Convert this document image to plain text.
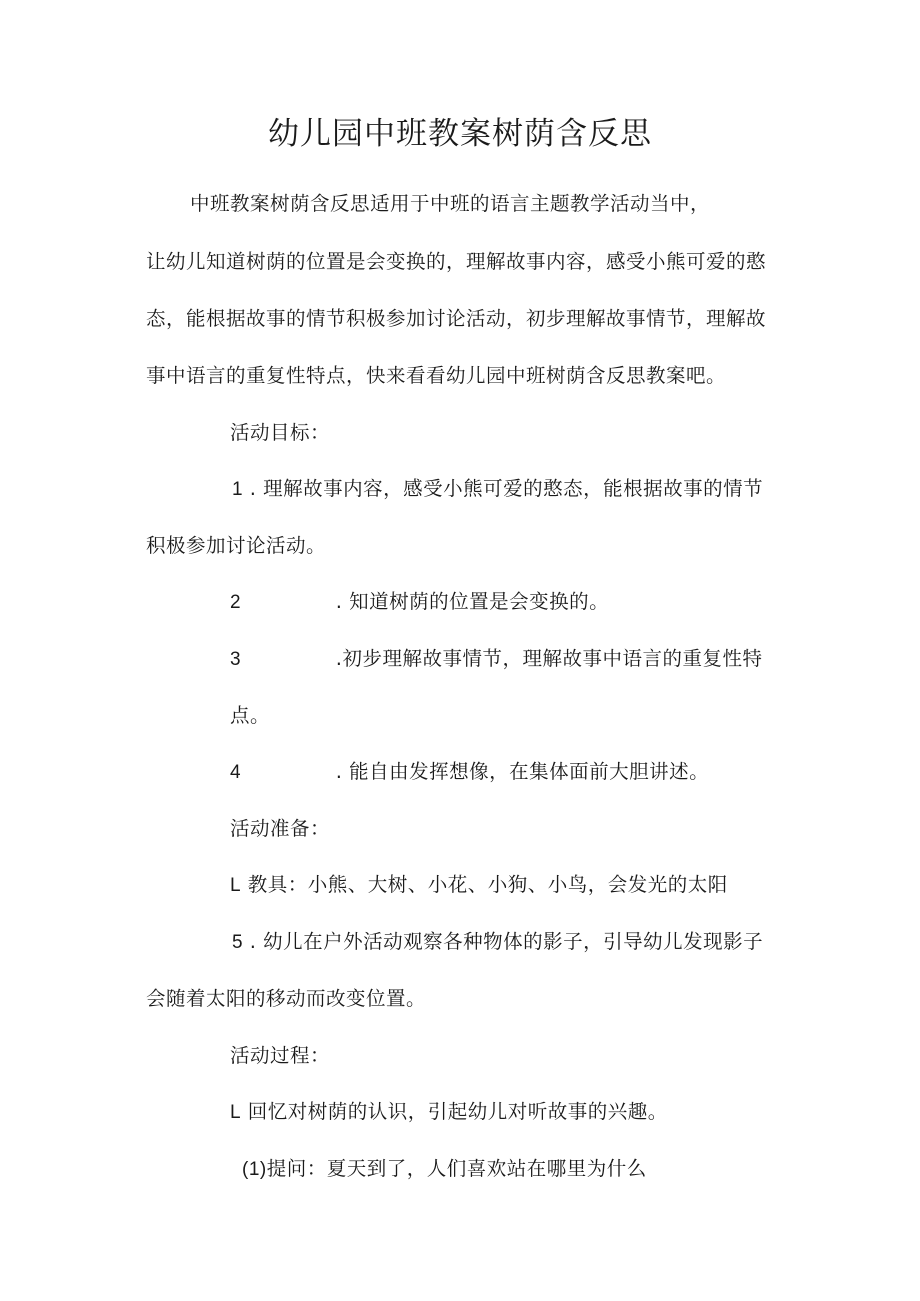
幼儿园中班教案树荫含反思
中班教案树荫含反思适用于中班的语言主题教学活动当中，
让幼儿知道树荫的位置是会变换的，理解故事内容，感受小熊可爱的憨
态，能根据故事的情节积极参加讨论活动，初步理解故事情节，理解故
事中语言的重复性特点，快来看看幼儿园中班树荫含反思教案吧。
活动目标：
1 . 理解故事内容，感受小熊可爱的憨态，能根据故事的情节
积极参加讨论活动。
2	. 知道树荫的位置是会变换的。
3	.初步理解故事情节，理解故事中语言的重复性特
点。
4	. 能自由发挥想像，在集体面前大胆讲述。
活动准备：
L 教具：小熊、大树、小花、小狗、小鸟，会发光的太阳
5 . 幼儿在户外活动观察各种物体的影子，引导幼儿发现影子
会随着太阳的移动而改变位置。
活动过程：
L 回忆对树荫的认识，引起幼儿对听故事的兴趣。
(1)提问：夏天到了，人们喜欢站在哪里为什么
